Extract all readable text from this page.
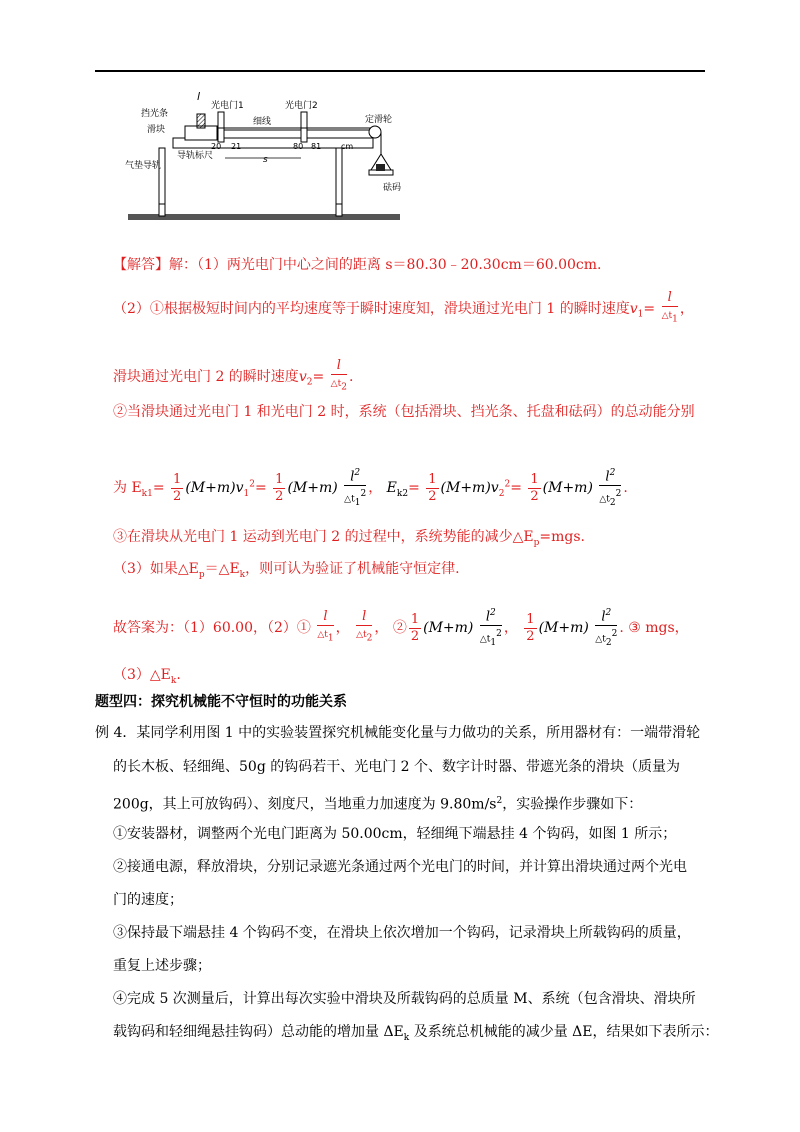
l
光电门1	光电门2
挡光条
滑块
细线	定滑轮
气垫导轨
导轨标尺
砝码
20 21
s
80 81 cm
【解答】解：（1）两光电门中心之间的距离 s＝80.30﹣20.30cm＝60.00cm.
（2）①根据极短时间内的平均速度等于瞬时速度知，滑块通过光电门 1 的瞬时速度$v_1= \frac{l}{\triangle t_1}$ ，
滑块通过光电门 2 的瞬时速度$v_2= \frac{l}{\triangle t_2}$ .
②当滑块通过光电门 1 和光电门 2 时，系统（包括滑块、挡光条、托盘和砝码）的总动能分别
为 $E_{k1}= \frac{1}{2} (M+m)v_1^2= \frac{1}{2} (M+m) \frac{l^2}{\triangle t_1^2}$ ， $E_{k2}= \frac{1}{2} (M+m)v_2^2= \frac{1}{2} (M+m) \frac{l^2}{\triangle t_2^2}$ .
③在滑块从光电门 1 运动到光电门 2 的过程中，系统势能的减少$\triangle E_p=mgs$.
（3）如果$\triangle E_p=\triangle E_k$，则可认为验证了机械能守恒定律.
故答案为：（1）60.00，（2）① $\frac{l}{\triangle t_1}$ ， $\frac{l}{\triangle t_2}$ ， ② $\frac{1}{2} (M+m) \frac{l^2}{\triangle t_1^2}$ ， $\frac{1}{2} (M+m) \frac{l^2}{\triangle t_2^2}$ . ③ mgs，
$(3)\triangle E_k$.
题型四：探究机械能不守恒时的功能关系
例 4．某同学利用图 1 中的实验装置探究机械能变化量与力做功的关系，所用器材有：一端带滑轮
的长木板、轻细绳、50g 的钩码若干、光电门 2 个、数字计时器、带遮光条的滑块（质量为
200g，其上可放钩码）、刻度尺，当地重力加速度为 $9.80m/s^2$，实验操作步骤如下：
①安装器材，调整两个光电门距离为 50.00cm，轻细绳下端悬挂 4 个钩码，如图 1 所示；
②接通电源，释放滑块，分别记录遮光条通过两个光电门的时间，并计算出滑块通过两个光电
门的速度；
③保持最下端悬挂 4 个钩码不变，在滑块上依次增加一个钩码，记录滑块上所载钩码的质量，
重复上述步骤；
④完成 5 次测量后，计算出每次实验中滑块及所载钩码的总质量 M、系统（包含滑块、滑块所
载钩码和轻细绳悬挂钩码）总动能的增加量 $\Delta E_k$ 及系统总机械能的减少量 ΔE，结果如下表所示：
